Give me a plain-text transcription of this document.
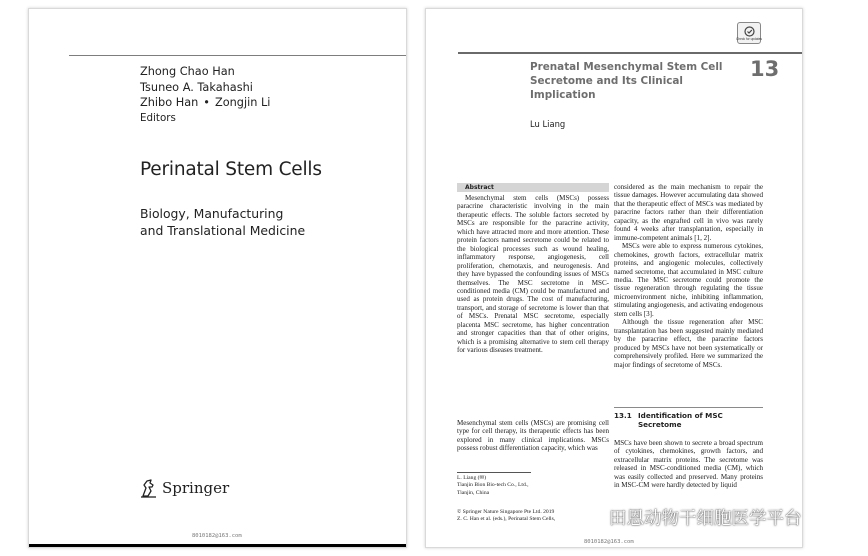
Zhong Chao Han
Tsuneo A. Takahashi
Zhibo Han • Zongjin Li
Editors
Perinatal Stem Cells
Biology, Manufacturing
and Translational Medicine
Springer
8010182@163.com
Check for updates
Prenatal Mesenchymal Stem Cell
Secretome and Its Clinical
Implication
13
Lu Liang
Abstract
Mesenchymal stem cells (MSCs) possess paracrine characteristic involving in the main therapeutic effects. The soluble factors secreted by MSCs are responsible for the paracrine activity, which have attracted more and more attention. These protein factors named secretome could be related to the biological processes such as wound healing, inflammatory response, angiogenesis, cell proliferation, chemotaxis, and neurogenesis. And they have bypassed the confounding issues of MSCs themselves. The MSC secretome in MSC-conditioned media (CM) could be manufactured and used as protein drugs. The cost of manufacturing, transport, and storage of secretome is lower than that of MSCs. Prenatal MSC secretome, especially placenta MSC secretome, has higher concentration and stronger capacities than that of other origins, which is a promising alternative to stem cell therapy for various diseases treatment.
Mesenchymal stem cells (MSCs) are promising cell type for cell therapy, its therapeutic effects has been explored in many clinical implications. MSCs possess robust differentiation capacity, which was
L. Liang (✉)
Tianjin Bion Bio-tech Co., Ltd.,
Tianjin, China
© Springer Nature Singapore Pte Ltd. 2019
Z. C. Han et al. (eds.), Perinatal Stem Cells,

considered as the main mechanism to repair the tissue damages. However accumulating data showed that the therapeutic effect of MSCs was mediated by paracrine factors rather than their differentiation capacity, as the engrafted cell in vivo was rarely found 4 weeks after transplantation, especially in immune-competent animals [1, 2].

MSCs were able to express numerous cytokines, chemokines, growth factors, extracellular matrix proteins, and angiogenic molecules, collectively named secretome, that accumulated in MSC culture media. The MSC secretome could promote the tissue regeneration through regulating the tissue microenvironment niche, inhibiting inflammation, stimulating angiogenesis, and activating endogenous stem cells [3].

Although the tissue regeneration after MSC transplantation has been suggested mainly mediated by the paracrine effect, the paracrine factors produced by MSCs have not been systematically or comprehensively profiled. Here we summarized the major findings of secretome of MSCs.

13.1 Identification of MSC
Secretome
MSCs have been shown to secrete a broad spectrum of cytokines, chemokines, growth factors, and extracellular matrix proteins. The secretome was released in MSC-conditioned media (CM), which was easily collected and preserved. Many proteins in MSC-CM were hardly detected by liquid
8010182@163.com
田恩动物干细胞医学平台
